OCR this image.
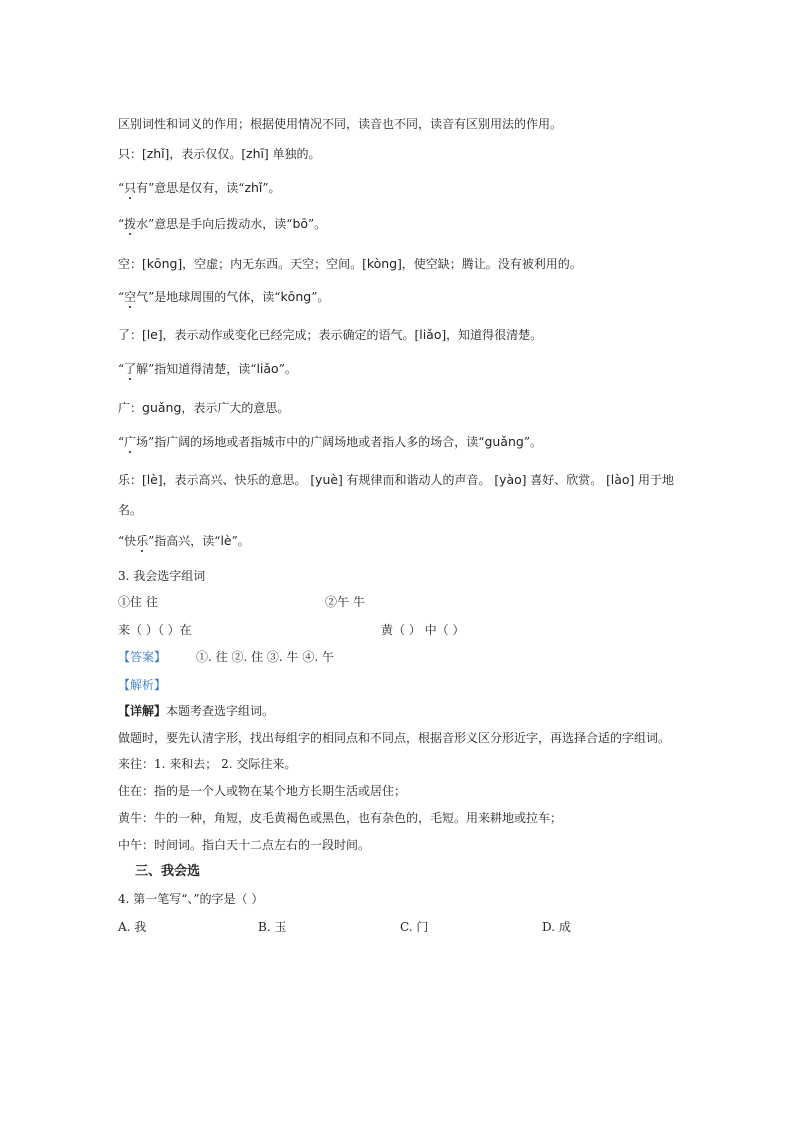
区别词性和词义的作用；根据使用情况不同，读音也不同，读音有区别用法的作用。
只：[zhǐ]，表示仅仅。[zhī] 单独的。
“只有”意思是仅有，读“zhǐ”。
“拨水”意思是手向后拨动水，读“bō”。
空：[kōng]，空虚；内无东西。天空；空间。[kòng]，使空缺；腾让。没有被利用的。
“空气”是地球周围的气体，读“kōng”。
了：[le]，表示动作或变化已经完成；表示确定的语气。[liǎo]，知道得很清楚。
“了解”指知道得清楚，读“liǎo”。
广：guǎng，表示广大的意思。
“广场”指广阔的场地或者指城市中的广阔场地或者指人多的场合，读“guǎng”。
乐：[lè]，表示高兴、快乐的意思。 [yuè] 有规律而和谐动人的声音。 [yào] 喜好、欣赏。 [lào] 用于地
名。
“快乐”指高兴，读“lè”。
3. 我会选字组词
①住 往	②午 牛
来（ ）（ ）在	黄（ ） 中（ ）
【答案】	①. 往 ②. 住 ③. 牛 ④. 午
【解析】
【详解】本题考查选字组词。
做题时，要先认清字形，找出每组字的相同点和不同点，根据音形义区分形近字，再选择合适的字组词。
来往：1. 来和去； 2. 交际往来。
住在：指的是一个人或物在某个地方长期生活或居住；
黄牛：牛的一种，角短，皮毛黄褐色或黑色，也有杂色的，毛短。用来耕地或拉车；
中午：时间词。指白天十二点左右的一段时间。
三、我会选
4. 第一笔写“、”的字是（ ）
A. 我	B. 玉	C. 门	D. 成
